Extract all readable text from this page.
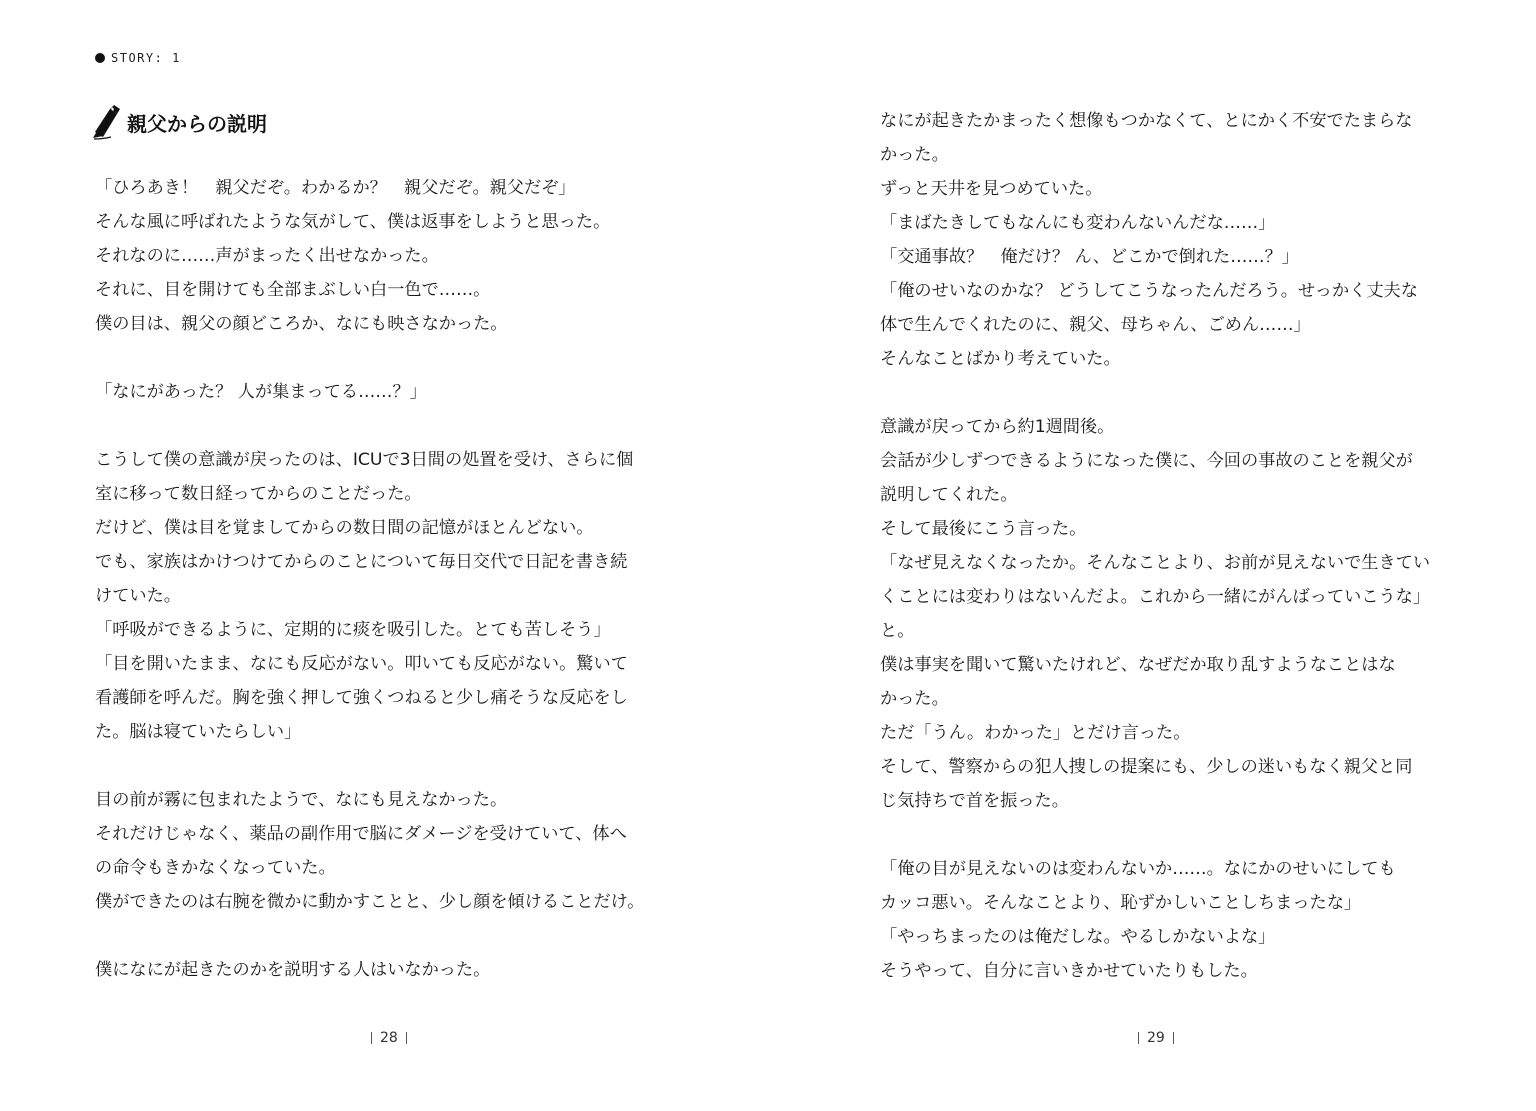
STORY: 1
親父からの説明
「ひろあき！　親父だぞ。わかるか？　親父だぞ。親父だぞ」
そんな風に呼ばれたような気がして、僕は返事をしようと思った。
それなのに……声がまったく出せなかった。
それに、目を開けても全部まぶしい白一色で……。
僕の目は、親父の顔どころか、なにも映さなかった。
「なにがあった？ 人が集まってる……？」
こうして僕の意識が戻ったのは、ICUで3日間の処置を受け、さらに個
室に移って数日経ってからのことだった。
だけど、僕は目を覚ましてからの数日間の記憶がほとんどない。
でも、家族はかけつけてからのことについて毎日交代で日記を書き続
けていた。
「呼吸ができるように、定期的に痰を吸引した。とても苦しそう」
「目を開いたまま、なにも反応がない。叩いても反応がない。驚いて
看護師を呼んだ。胸を強く押して強くつねると少し痛そうな反応をし
た。脳は寝ていたらしい」
目の前が霧に包まれたようで、なにも見えなかった。
それだけじゃなく、薬品の副作用で脳にダメージを受けていて、体へ
の命令もきかなくなっていた。
僕ができたのは右腕を微かに動かすことと、少し顔を傾けることだけ。
僕になにが起きたのかを説明する人はいなかった。
なにが起きたかまったく想像もつかなくて、とにかく不安でたまらな
かった。
ずっと天井を見つめていた。
「まばたきしてもなんにも変わんないんだな……」
「交通事故？　俺だけ？ ん、どこかで倒れた……？」
「俺のせいなのかな？ どうしてこうなったんだろう。せっかく丈夫な
体で生んでくれたのに、親父、母ちゃん、ごめん……」
そんなことばかり考えていた。
意識が戻ってから約1週間後。
会話が少しずつできるようになった僕に、今回の事故のことを親父が
説明してくれた。
そして最後にこう言った。
「なぜ見えなくなったか。そんなことより、お前が見えないで生きてい
くことには変わりはないんだよ。これから一緒にがんばっていこうな」
と。
僕は事実を聞いて驚いたけれど、なぜだか取り乱すようなことはな
かった。
ただ「うん。わかった」とだけ言った。
そして、警察からの犯人捜しの提案にも、少しの迷いもなく親父と同
じ気持ちで首を振った。
「俺の目が見えないのは変わんないか……。なにかのせいにしても
カッコ悪い。そんなことより、恥ずかしいことしちまったな」
「やっちまったのは俺だしな。やるしかないよな」
そうやって、自分に言いきかせていたりもした。
28	29
